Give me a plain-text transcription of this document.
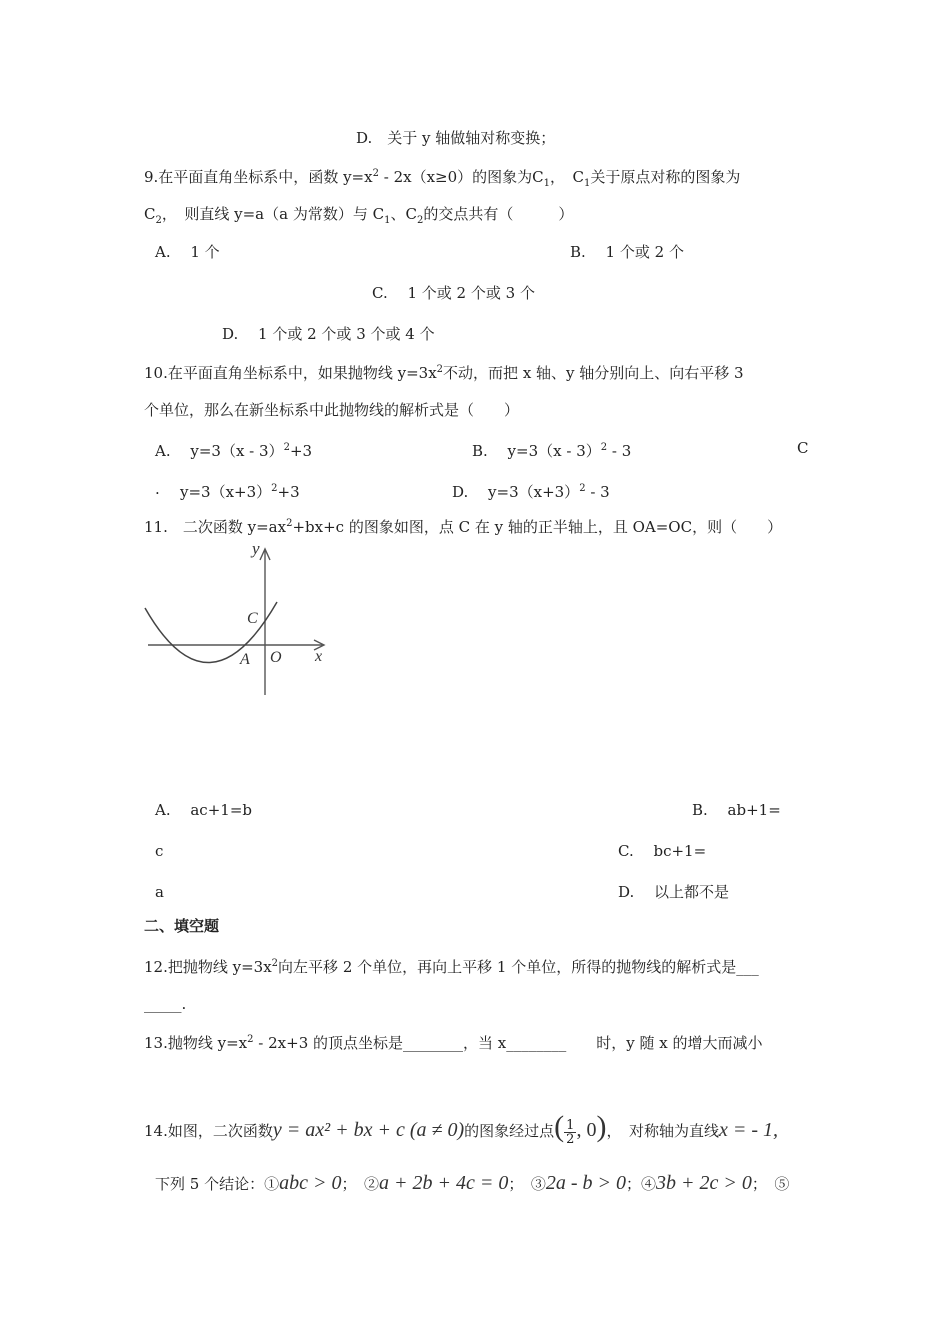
D.　关于 y 轴做轴对称变换；
9.在平面直角坐标系中，函数 $y=x^2 - 2x(x\ge 0)$的图象为$C_1$，　$C_1$关于原点对称的图象为
$C_2$，　则直线 y=a（a 为常数）与 $C_1$、$C_2$的交点共有（　　　）
A.　 1 个	B.　 1 个或 2 个
C.　 1 个或 2 个或 3 个
D.　 1 个或 2 个或 3 个或 4 个
10.在平面直角坐标系中，如果抛物线 $y=3x^2$不动，而把 x 轴、y 轴分别向上、向右平移 3
个单位，那么在新坐标系中此抛物线的解析式是（　　）
A.　 y=3（x - 3）$^2$+3	B.　 y=3（x - 3）$^2$ - 3	C
. $y=3(x+3)^2+3$	D.　 $y=3(x+3)^2 - 3$
11.　二次函数 $y=ax^2+bx+c$ 的图象如图，点 C 在 y 轴的正半轴上，且 OA=OC，则（　　）
y
x
C
O
A
A.　 ac+1=b	B.　 ab+1=
c	C.　 bc+1=
a	D.　 以上都不是
二、填空题
12.把抛物线 $y=3x^2$向左平移 2 个单位，再向上平移 1 个单位，所得的抛物线的解析式是___
_____.
13.抛物线 $y=x^2 - 2x+3$ 的顶点坐标是________，当 x________　　时，y 随 x 的增大而减小
14.如图，二次函数y = ax² + bx + c (a ≠ 0)的图象经过点( $\frac{1}{2}$ , 0)，　对称轴为直线x = - 1,
下列 5 个结论：①abc > 0；　②a + 2b + 4c = 0；　③2a - b > 0；④3b + 2c > 0；　⑤
